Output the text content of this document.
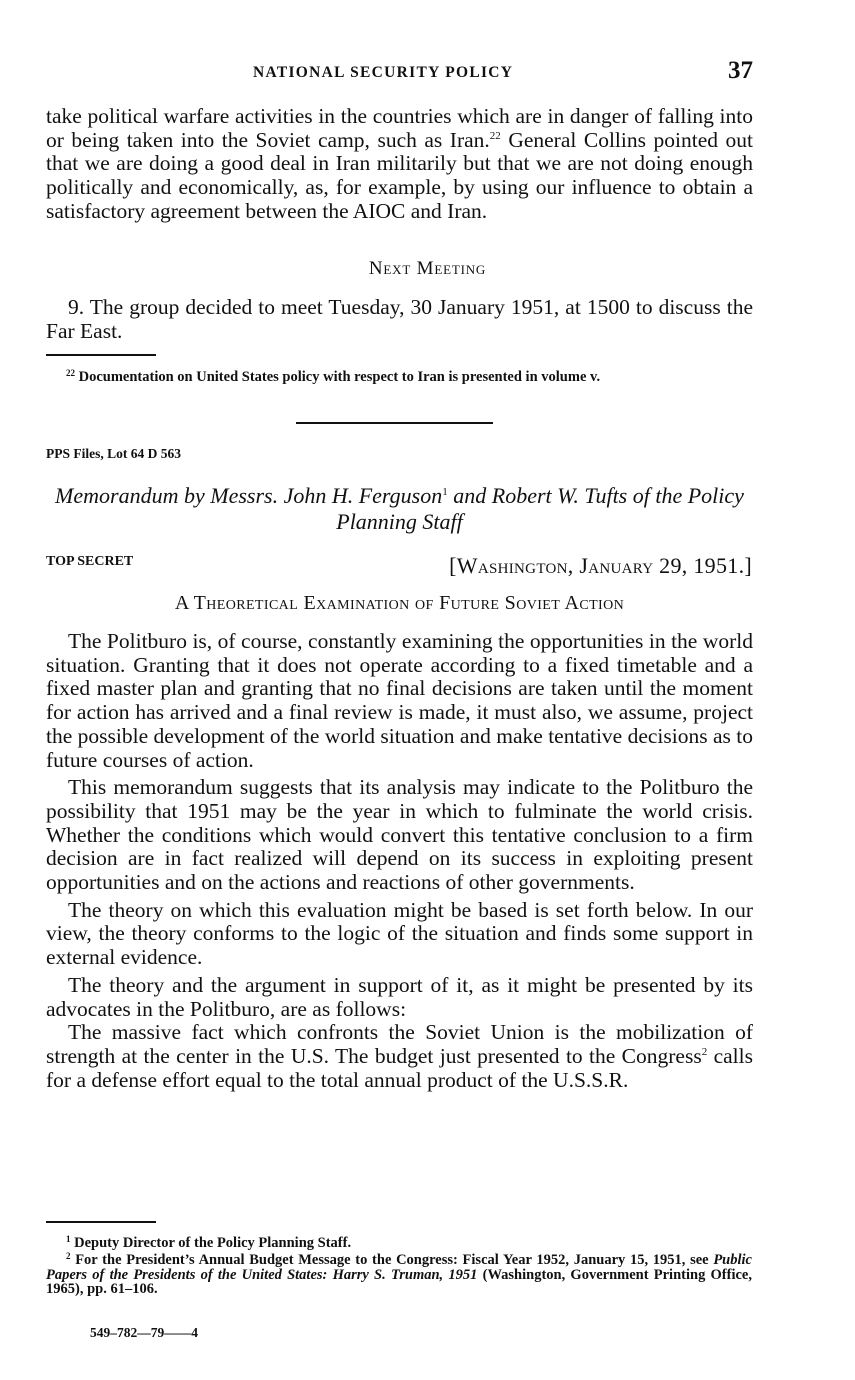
NATIONAL SECURITY POLICY	37

take political warfare activities in the countries which are in danger of falling into or being taken into the Soviet camp, such as Iran.$^{22}$ General Collins pointed out that we are doing a good deal in Iran militarily but that we are not doing enough politically and economically, as, for example, by using our influence to obtain a satisfactory agreement between the AIOC and Iran.

Next Meeting

9. The group decided to meet Tuesday, 30 January 1951, at 1500 to discuss the Far East.

$^{22}$ Documentation on United States policy with respect to Iran is presented in volume v.

PPS Files, Lot 64 D 563

Memorandum by Messrs. John H. Ferguson$^1$ and Robert W. Tufts of the Policy Planning Staff

TOP SECRET	[Washington, January 29, 1951.]
A Theoretical Examination of Future Soviet Action

The Politburo is, of course, constantly examining the opportunities in the world situation. Granting that it does not operate according to a fixed timetable and a fixed master plan and granting that no final decisions are taken until the moment for action has arrived and a final review is made, it must also, we assume, project the possible development of the world situation and make tentative decisions as to future courses of action.

This memorandum suggests that its analysis may indicate to the Politburo the possibility that 1951 may be the year in which to fulminate the world crisis. Whether the conditions which would convert this tentative conclusion to a firm decision are in fact realized will depend on its success in exploiting present opportunities and on the actions and reactions of other governments.

The theory on which this evaluation might be based is set forth below. In our view, the theory conforms to the logic of the situation and finds some support in external evidence.

The theory and the argument in support of it, as it might be presented by its advocates in the Politburo, are as follows:

The massive fact which confronts the Soviet Union is the mobilization of strength at the center in the U.S. The budget just presented to the Congress$^2$ calls for a defense effort equal to the total annual product of the U.S.S.R.

$^1$ Deputy Director of the Policy Planning Staff.

$^2$ For the President’s Annual Budget Message to the Congress: Fiscal Year 1952, January 15, 1951, see Public Papers of the Presidents of the United States: Harry S. Truman, 1951 (Washington, Government Printing Office, 1965), pp. 61–106.

549–782—79——4
